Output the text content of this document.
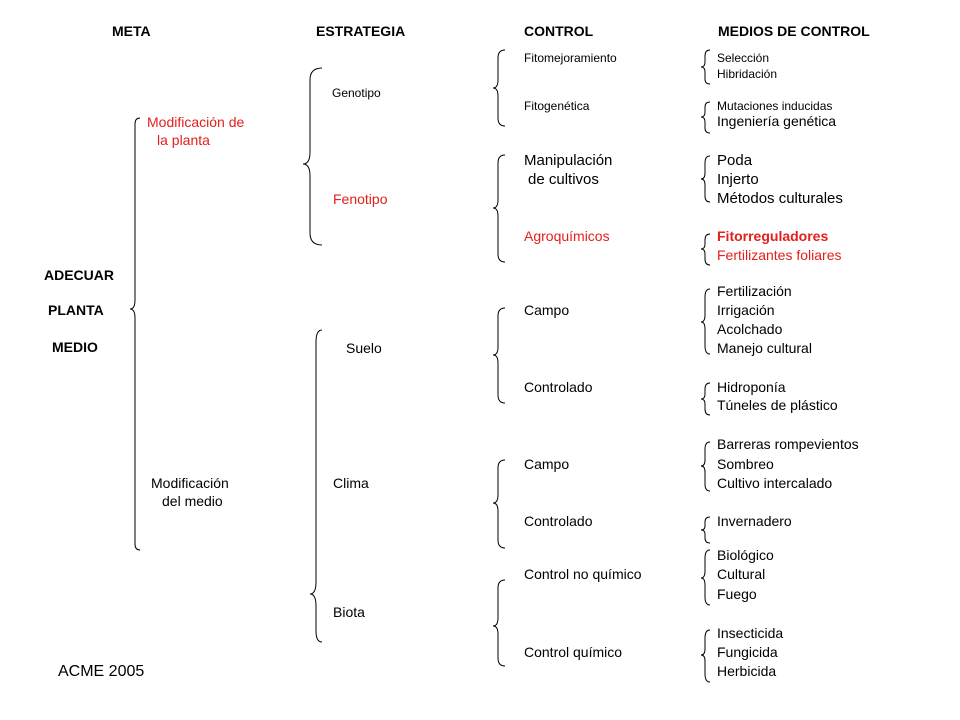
META	ESTRATEGIA	CONTROL	MEDIOS DE CONTROL
ADECUAR
PLANTA
MEDIO
Modificación de
la planta
Modificación
del medio
Genotipo
Fenotipo
Suelo
Clima
Biota
Fitomejoramiento
Fitogenética
Manipulación
de cultivos
Agroquímicos
Campo
Controlado
Campo
Controlado
Control no químico
Control químico
Selección
Hibridación
Mutaciones inducidas
Ingeniería genética
Poda
Injerto
Métodos culturales
Fitorreguladores
Fertilizantes foliares
Fertilización
Irrigación
Acolchado
Manejo cultural
Hidroponía
Túneles de plástico
Barreras rompevientos
Sombreo
Cultivo intercalado
Invernadero
Biológico
Cultural
Fuego
Insecticida
Fungicida
Herbicida
ACME 2005
